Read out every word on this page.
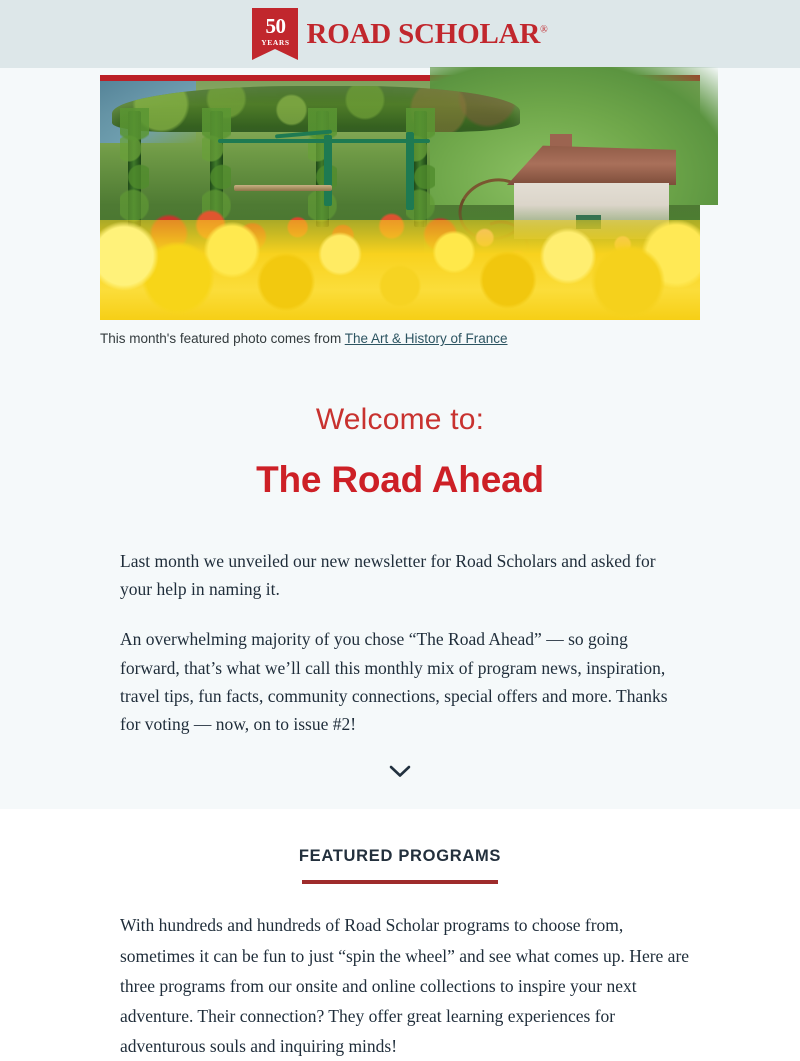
50
YEARS ROAD SCHOLAR®
This month's featured photo comes from The Art & History of France
Welcome to:
The Road Ahead

Last month we unveiled our new newsletter for Road Scholars and asked for your help in naming it.

An overwhelming majority of you chose “The Road Ahead” — so going forward, that’s what we’ll call this monthly mix of program news, inspiration, travel tips, fun facts, community connections, special offers and more. Thanks for voting — now, on to issue #2!

FEATURED PROGRAMS

With hundreds and hundreds of Road Scholar programs to choose from, sometimes it can be fun to just “spin the wheel” and see what comes up. Here are three programs from our onsite and online collections to inspire your next adventure. Their connection? They offer great learning experiences for adventurous souls and inquiring minds!
